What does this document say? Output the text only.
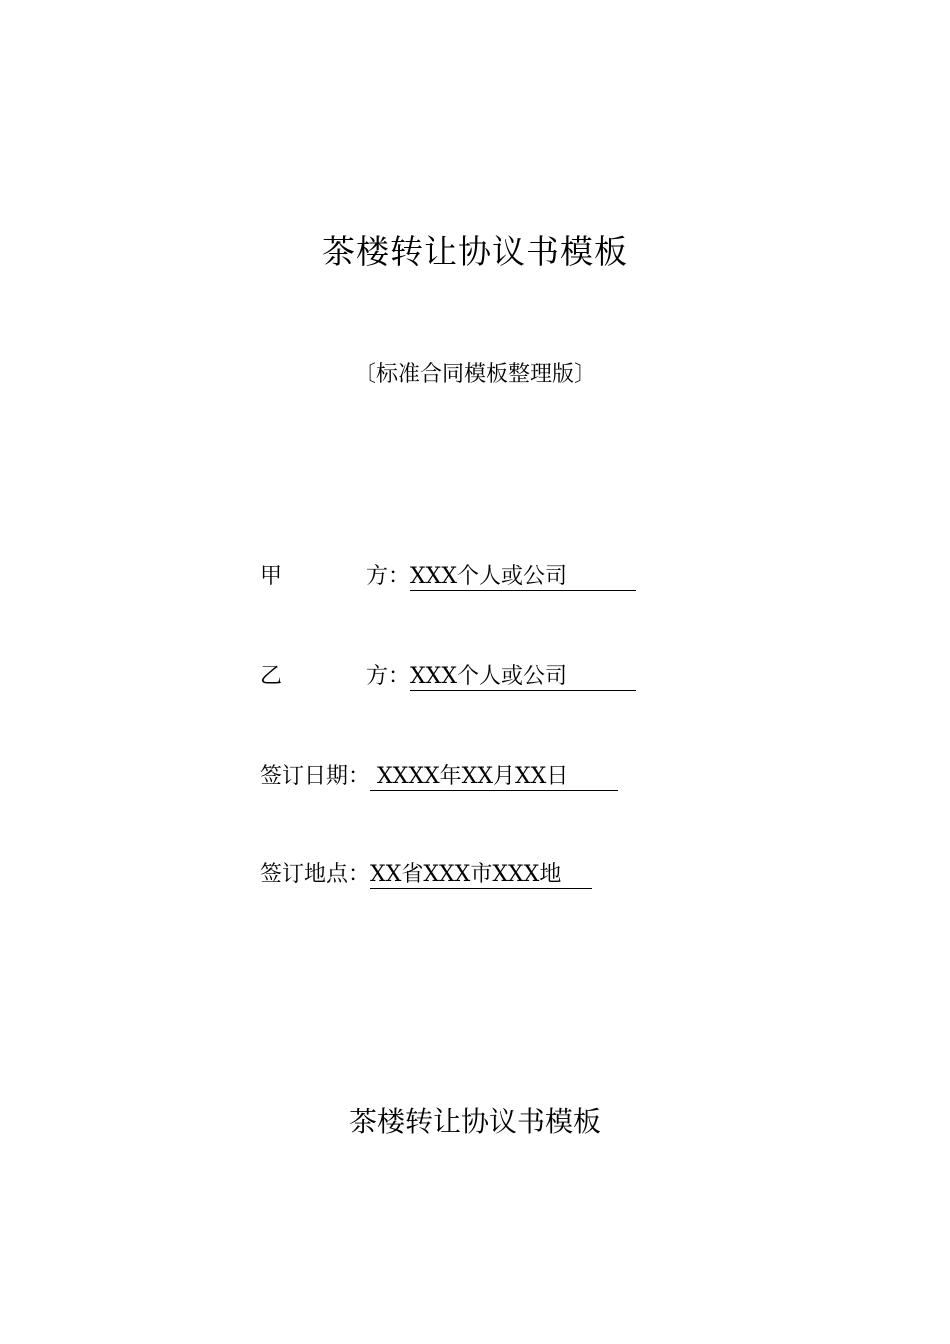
茶楼转让协议书模板
〔标准合同模板整理版〕
甲 方 ： XXX个人或公司
乙 方 ： XXX个人或公司
签订日期 ： XXXX年XX月XX日
签订地点 ： XX省XXX市XXX地
茶楼转让协议书模板
